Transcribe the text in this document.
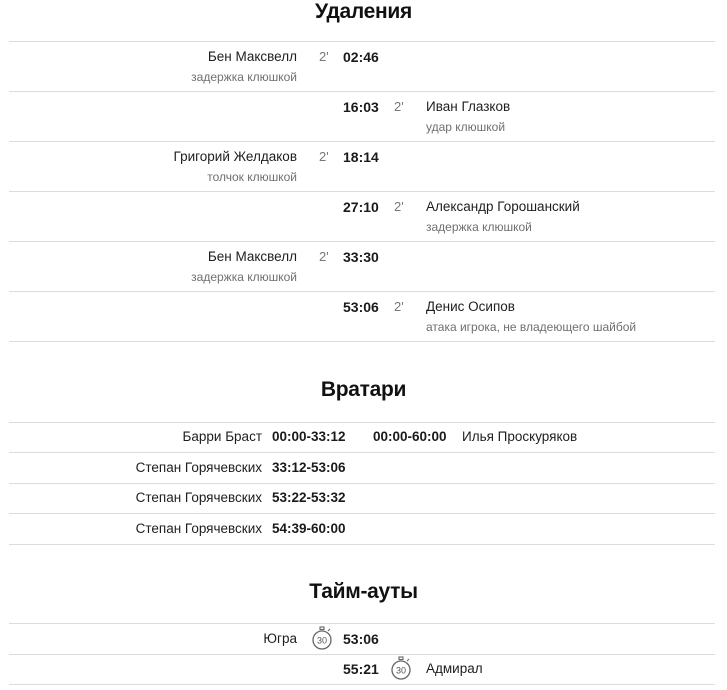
Удаления
Бен Максвелл
задержка клюшкой
2' 02:46
16:03 2' Иван Глазков
удар клюшкой
Григорий Желдаков
толчок клюшкой
2' 18:14
27:10 2' Александр Горошанский
задержка клюшкой
Бен Максвелл
задержка клюшкой
2' 33:30
53:06 2' Денис Осипов
атака игрока, не владеющего шайбой
Вратари
Барри Браст 00:00-33:12 00:00-60:00 Илья Проскуряков
Степан Горячевских 33:12-53:06
Степан Горячевских 53:22-53:32
Степан Горячевских 54:39-60:00
Тайм-ауты
Югра 30 53:06
55:21 30 Адмирал
